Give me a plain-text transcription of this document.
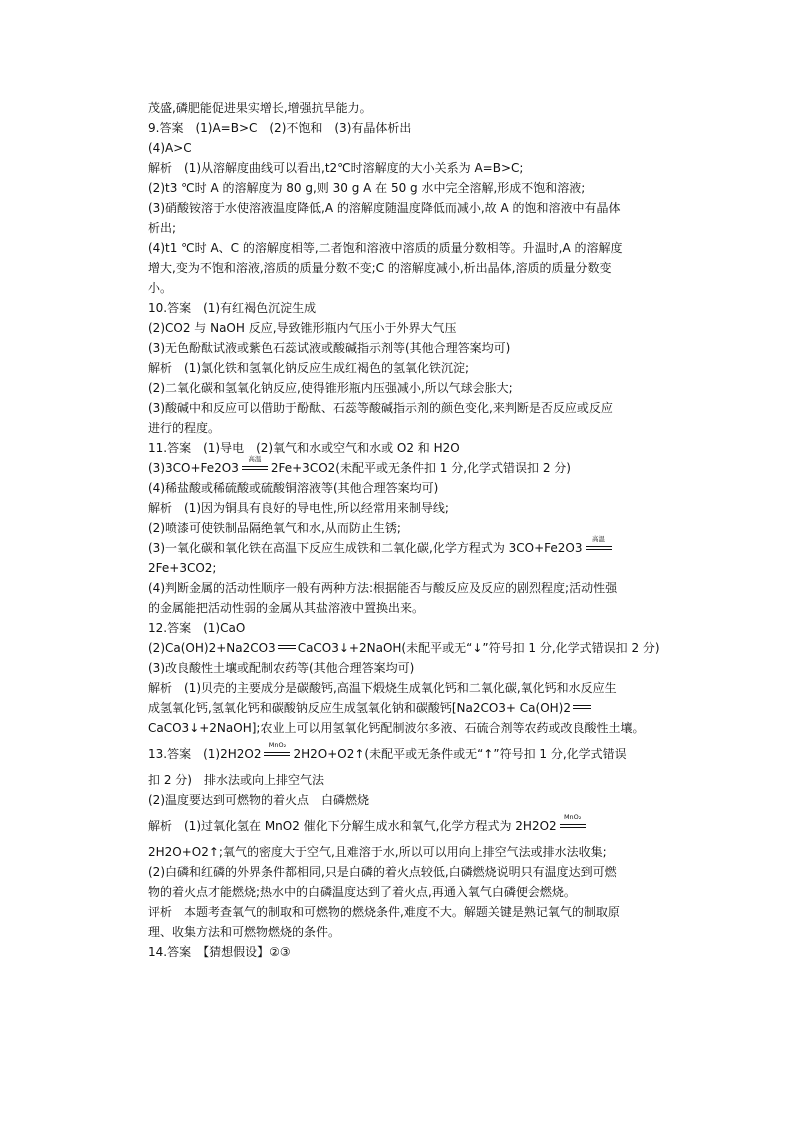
茂盛,磷肥能促进果实增长,增强抗旱能力。
9.答案　(1)A=B>C　(2)不饱和　(3)有晶体析出
(4)A>C
解析　(1)从溶解度曲线可以看出,t2℃时溶解度的大小关系为 A=B>C;
(2)t3 ℃时 A 的溶解度为 80 g,则 30 g A 在 50 g 水中完全溶解,形成不饱和溶液;
(3)硝酸铵溶于水使溶液温度降低,A 的溶解度随温度降低而减小,故 A 的饱和溶液中有晶体
析出;
(4)t1 ℃时 A、C 的溶解度相等,二者饱和溶液中溶质的质量分数相等。升温时,A 的溶解度
增大,变为不饱和溶液,溶质的质量分数不变;C 的溶解度减小,析出晶体,溶质的质量分数变
小。
10.答案　(1)有红褐色沉淀生成
(2)CO2 与 NaOH 反应,导致锥形瓶内气压小于外界大气压
(3)无色酚酞试液或紫色石蕊试液或酸碱指示剂等(其他合理答案均可)
解析　(1)氯化铁和氢氧化钠反应生成红褐色的氢氧化铁沉淀;
(2)二氧化碳和氢氧化钠反应,使得锥形瓶内压强减小,所以气球会胀大;
(3)酸碱中和反应可以借助于酚酞、石蕊等酸碱指示剂的颜色变化,来判断是否反应或反应
进行的程度。
11.答案　(1)导电　(2)氧气和水或空气和水或 O2 和 H2O
(3)3CO+Fe2O3
高温
2Fe+3CO2(未配平或无条件扣 1 分,化学式错误扣 2 分)
(4)稀盐酸或稀硫酸或硫酸铜溶液等(其他合理答案均可)
解析　(1)因为铜具有良好的导电性,所以经常用来制导线;
(2)喷漆可使铁制品隔绝氧气和水,从而防止生锈;
(3)一氧化碳和氧化铁在高温下反应生成铁和二氧化碳,化学方程式为 3CO+Fe2O3
高温
2Fe+3CO2;
(4)判断金属的活动性顺序一般有两种方法:根据能否与酸反应及反应的剧烈程度;活动性强
的金属能把活动性弱的金属从其盐溶液中置换出来。
12.答案　(1)CaO
(2)Ca(OH)2+Na2CO3 CaCO3↓+2NaOH(未配平或无“↓”符号扣 1 分,化学式错误扣 2 分)
(3)改良酸性土壤或配制农药等(其他合理答案均可)
解析　(1)贝壳的主要成分是碳酸钙,高温下煅烧生成氧化钙和二氧化碳,氧化钙和水反应生
成氢氧化钙,氢氧化钙和碳酸钠反应生成氢氧化钠和碳酸钙[Na2CO3+ Ca(OH)2
CaCO3↓+2NaOH];农业上可以用氢氧化钙配制波尔多液、石硫合剂等农药或改良酸性土壤。
13.答案　(1)2H2O2
MnO₂
2H2O+O2↑(未配平或无条件或无“↑”符号扣 1 分,化学式错误
扣 2 分)　排水法或向上排空气法
(2)温度要达到可燃物的着火点　白磷燃烧
解析　(1)过氧化氢在 MnO2 催化下分解生成水和氧气,化学方程式为 2H2O2
MnO₂
2H2O+O2↑;氧气的密度大于空气,且难溶于水,所以可以用向上排空气法或排水法收集;
(2)白磷和红磷的外界条件都相同,只是白磷的着火点较低,白磷燃烧说明只有温度达到可燃
物的着火点才能燃烧;热水中的白磷温度达到了着火点,再通入氧气白磷便会燃烧。
评析　本题考查氧气的制取和可燃物的燃烧条件,难度不大。解题关键是熟记氧气的制取原
理、收集方法和可燃物燃烧的条件。
14.答案　【猜想假设】②③
